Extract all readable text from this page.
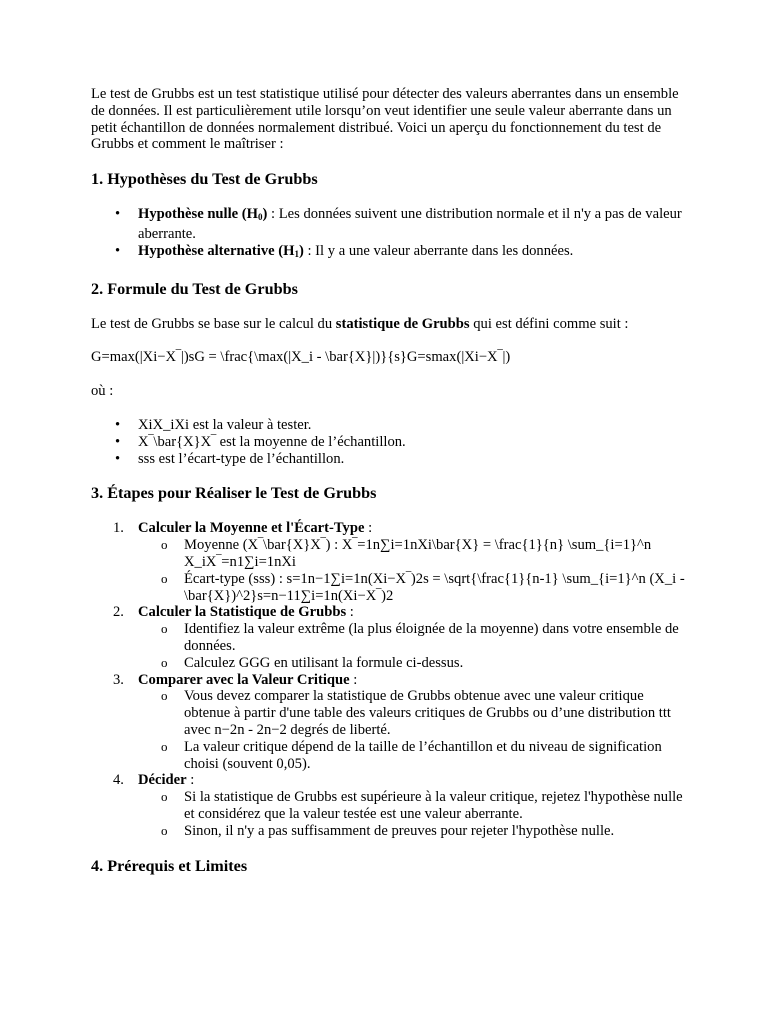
Le test de Grubbs est un test statistique utilisé pour détecter des valeurs aberrantes dans un ensemble de données. Il est particulièrement utile lorsqu’on veut identifier une seule valeur aberrante dans un petit échantillon de données normalement distribué. Voici un aperçu du fonctionnement du test de Grubbs et comment le maîtriser :

1. Hypothèses du Test de Grubbs
• Hypothèse nulle $(H_0)$ : Les données suivent une distribution normale et il n'y a pas de valeur aberrante.
• Hypothèse alternative $(H_1)$ : Il y a une valeur aberrante dans les données.
2. Formule du Test de Grubbs

Le test de Grubbs se base sur le calcul du statistique de Grubbs qui est défini comme suit :

G=max(|Xi−X‾|)sG = \frac{\max(|X_i - \bar{X}|)}{s}G=smax(|Xi−X‾|)

où :

• XiX_iXi est la valeur à tester.
• X‾\bar{X}X‾ est la moyenne de l’échantillon.
• sss est l’écart-type de l’échantillon.
3. Étapes pour Réaliser le Test de Grubbs
1. Calculer la Moyenne et l'Écart-Type :
o Moyenne (X‾\bar{X}X‾) : X‾=1n∑i=1nXi\bar{X} = \frac{1}{n} \sum_{i=1}^n X_iX‾=n1∑i=1nXi
o Écart-type (sss) : s=1n−1∑i=1n(Xi−X‾)2s = \sqrt{\frac{1}{n-1} \sum_{i=1}^n (X_i - \bar{X})^2}s=n−11∑i=1n(Xi−X‾)2
2. Calculer la Statistique de Grubbs :
o Identifiez la valeur extrême (la plus éloignée de la moyenne) dans votre ensemble de données.
o Calculez GGG en utilisant la formule ci-dessus.
3. Comparer avec la Valeur Critique :
o Vous devez comparer la statistique de Grubbs obtenue avec une valeur critique obtenue à partir d'une table des valeurs critiques de Grubbs ou d’une distribution ttt avec n−2n - 2n−2 degrés de liberté.
o La valeur critique dépend de la taille de l’échantillon et du niveau de signification choisi (souvent 0,05).
4. Décider :
o Si la statistique de Grubbs est supérieure à la valeur critique, rejetez l'hypothèse nulle et considérez que la valeur testée est une valeur aberrante.
o Sinon, il n'y a pas suffisamment de preuves pour rejeter l'hypothèse nulle.
4. Prérequis et Limites
